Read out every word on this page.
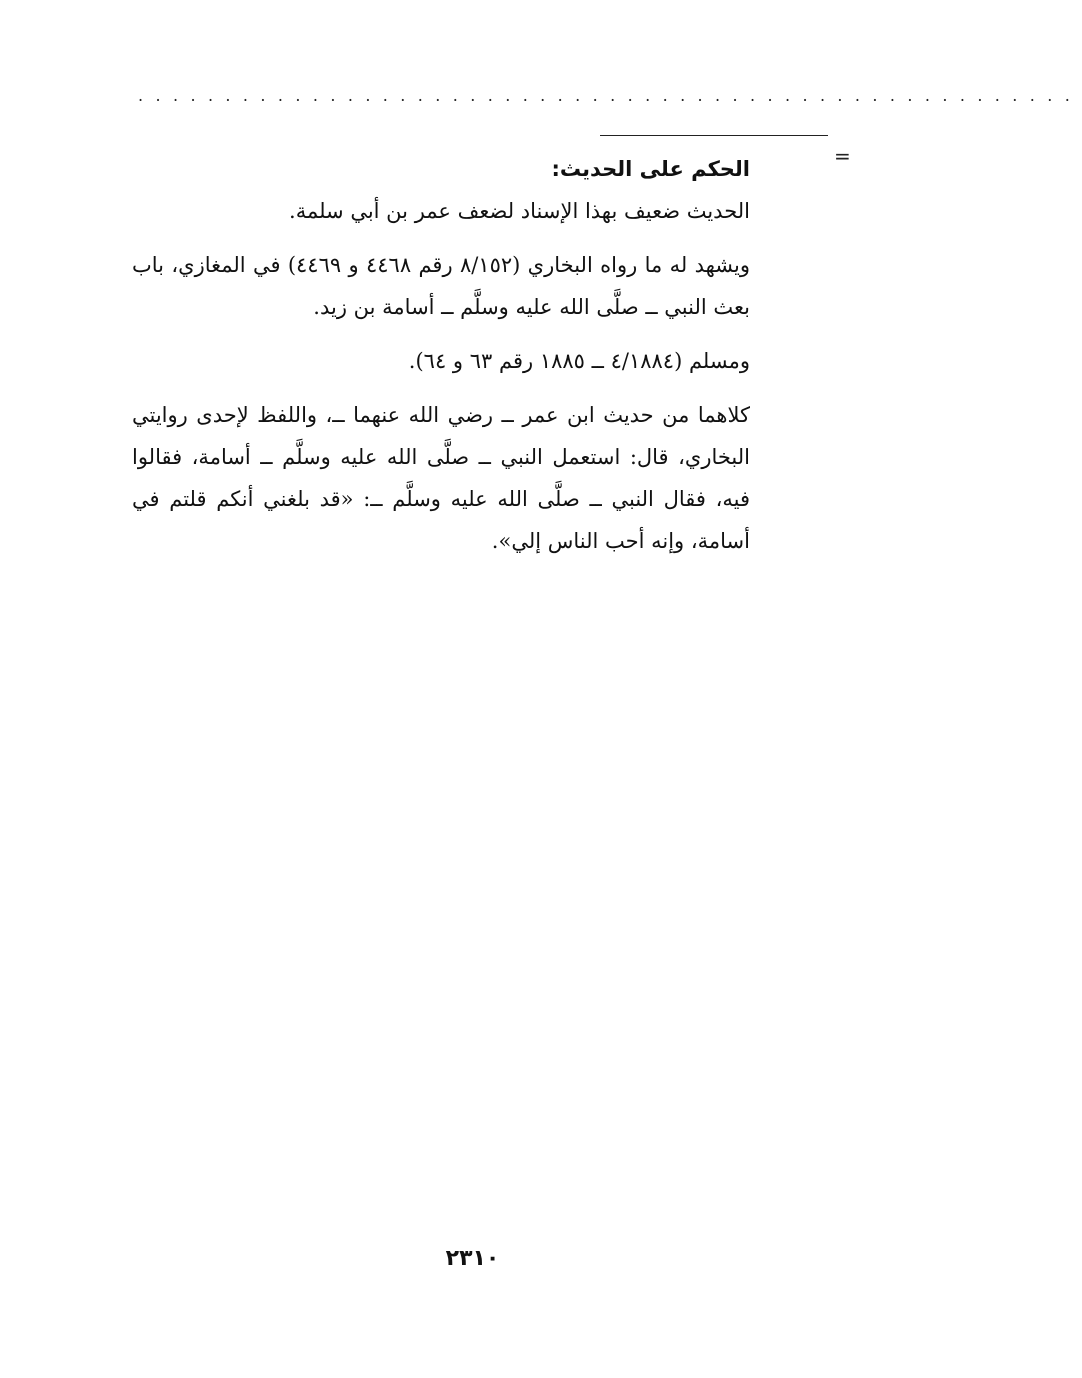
......................................................
=

الحكم على الحديث:

الحديث ضعيف بهذا الإسناد لضعف عمر بن أبي سلمة.

ويشهد له ما رواه البخاري (٨/١٥٢ رقم ٤٤٦٨ و ٤٤٦٩) في المغازي، باب بعث النبي ــ صلَّى الله عليه وسلَّم ــ أسامة بن زيد.

ومسلم (٤/١٨٨٤ ــ ١٨٨٥ رقم ٦٣ و ٦٤).

كلاهما من حديث ابن عمر ــ رضي الله عنهما ــ، واللفظ لإحدى روايتي البخاري، قال: استعمل النبي ــ صلَّى الله عليه وسلَّم ــ أسامة، فقالوا فيه، فقال النبي ــ صلَّى الله عليه وسلَّم ــ: «قد بلغني أنكم قلتم في أسامة، وإنه أحب الناس إلي».

٢٣١٠
